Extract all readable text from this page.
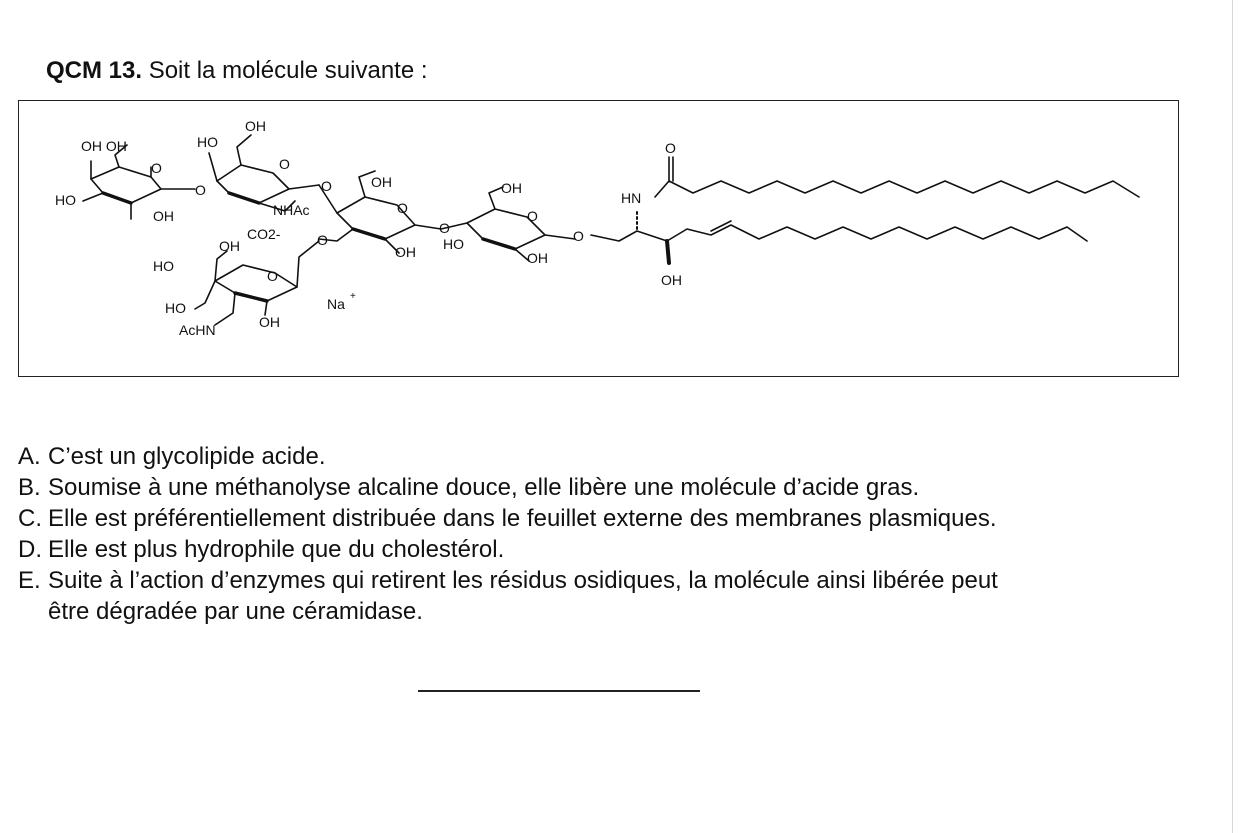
QCM 13. Soit la molécule suivante :
OH OH
HO
OH
HO
OH
NHAc
OH
OH
OH
HO
OH
HN
O
OH
CO2-
OH
HO
HO
AcHN	OH
Na +
O
O
O
O
O
O
O
O
O
O
A. C’est un glycolipide acide.
B. Soumise à une méthanolyse alcaline douce, elle libère une molécule d’acide gras.
C. Elle est préférentiellement distribuée dans le feuillet externe des membranes plasmiques.
D. Elle est plus hydrophile que du cholestérol.
E. Suite à l’action d’enzymes qui retirent les résidus osidiques, la molécule ainsi libérée peut être dégradée par une céramidase.
